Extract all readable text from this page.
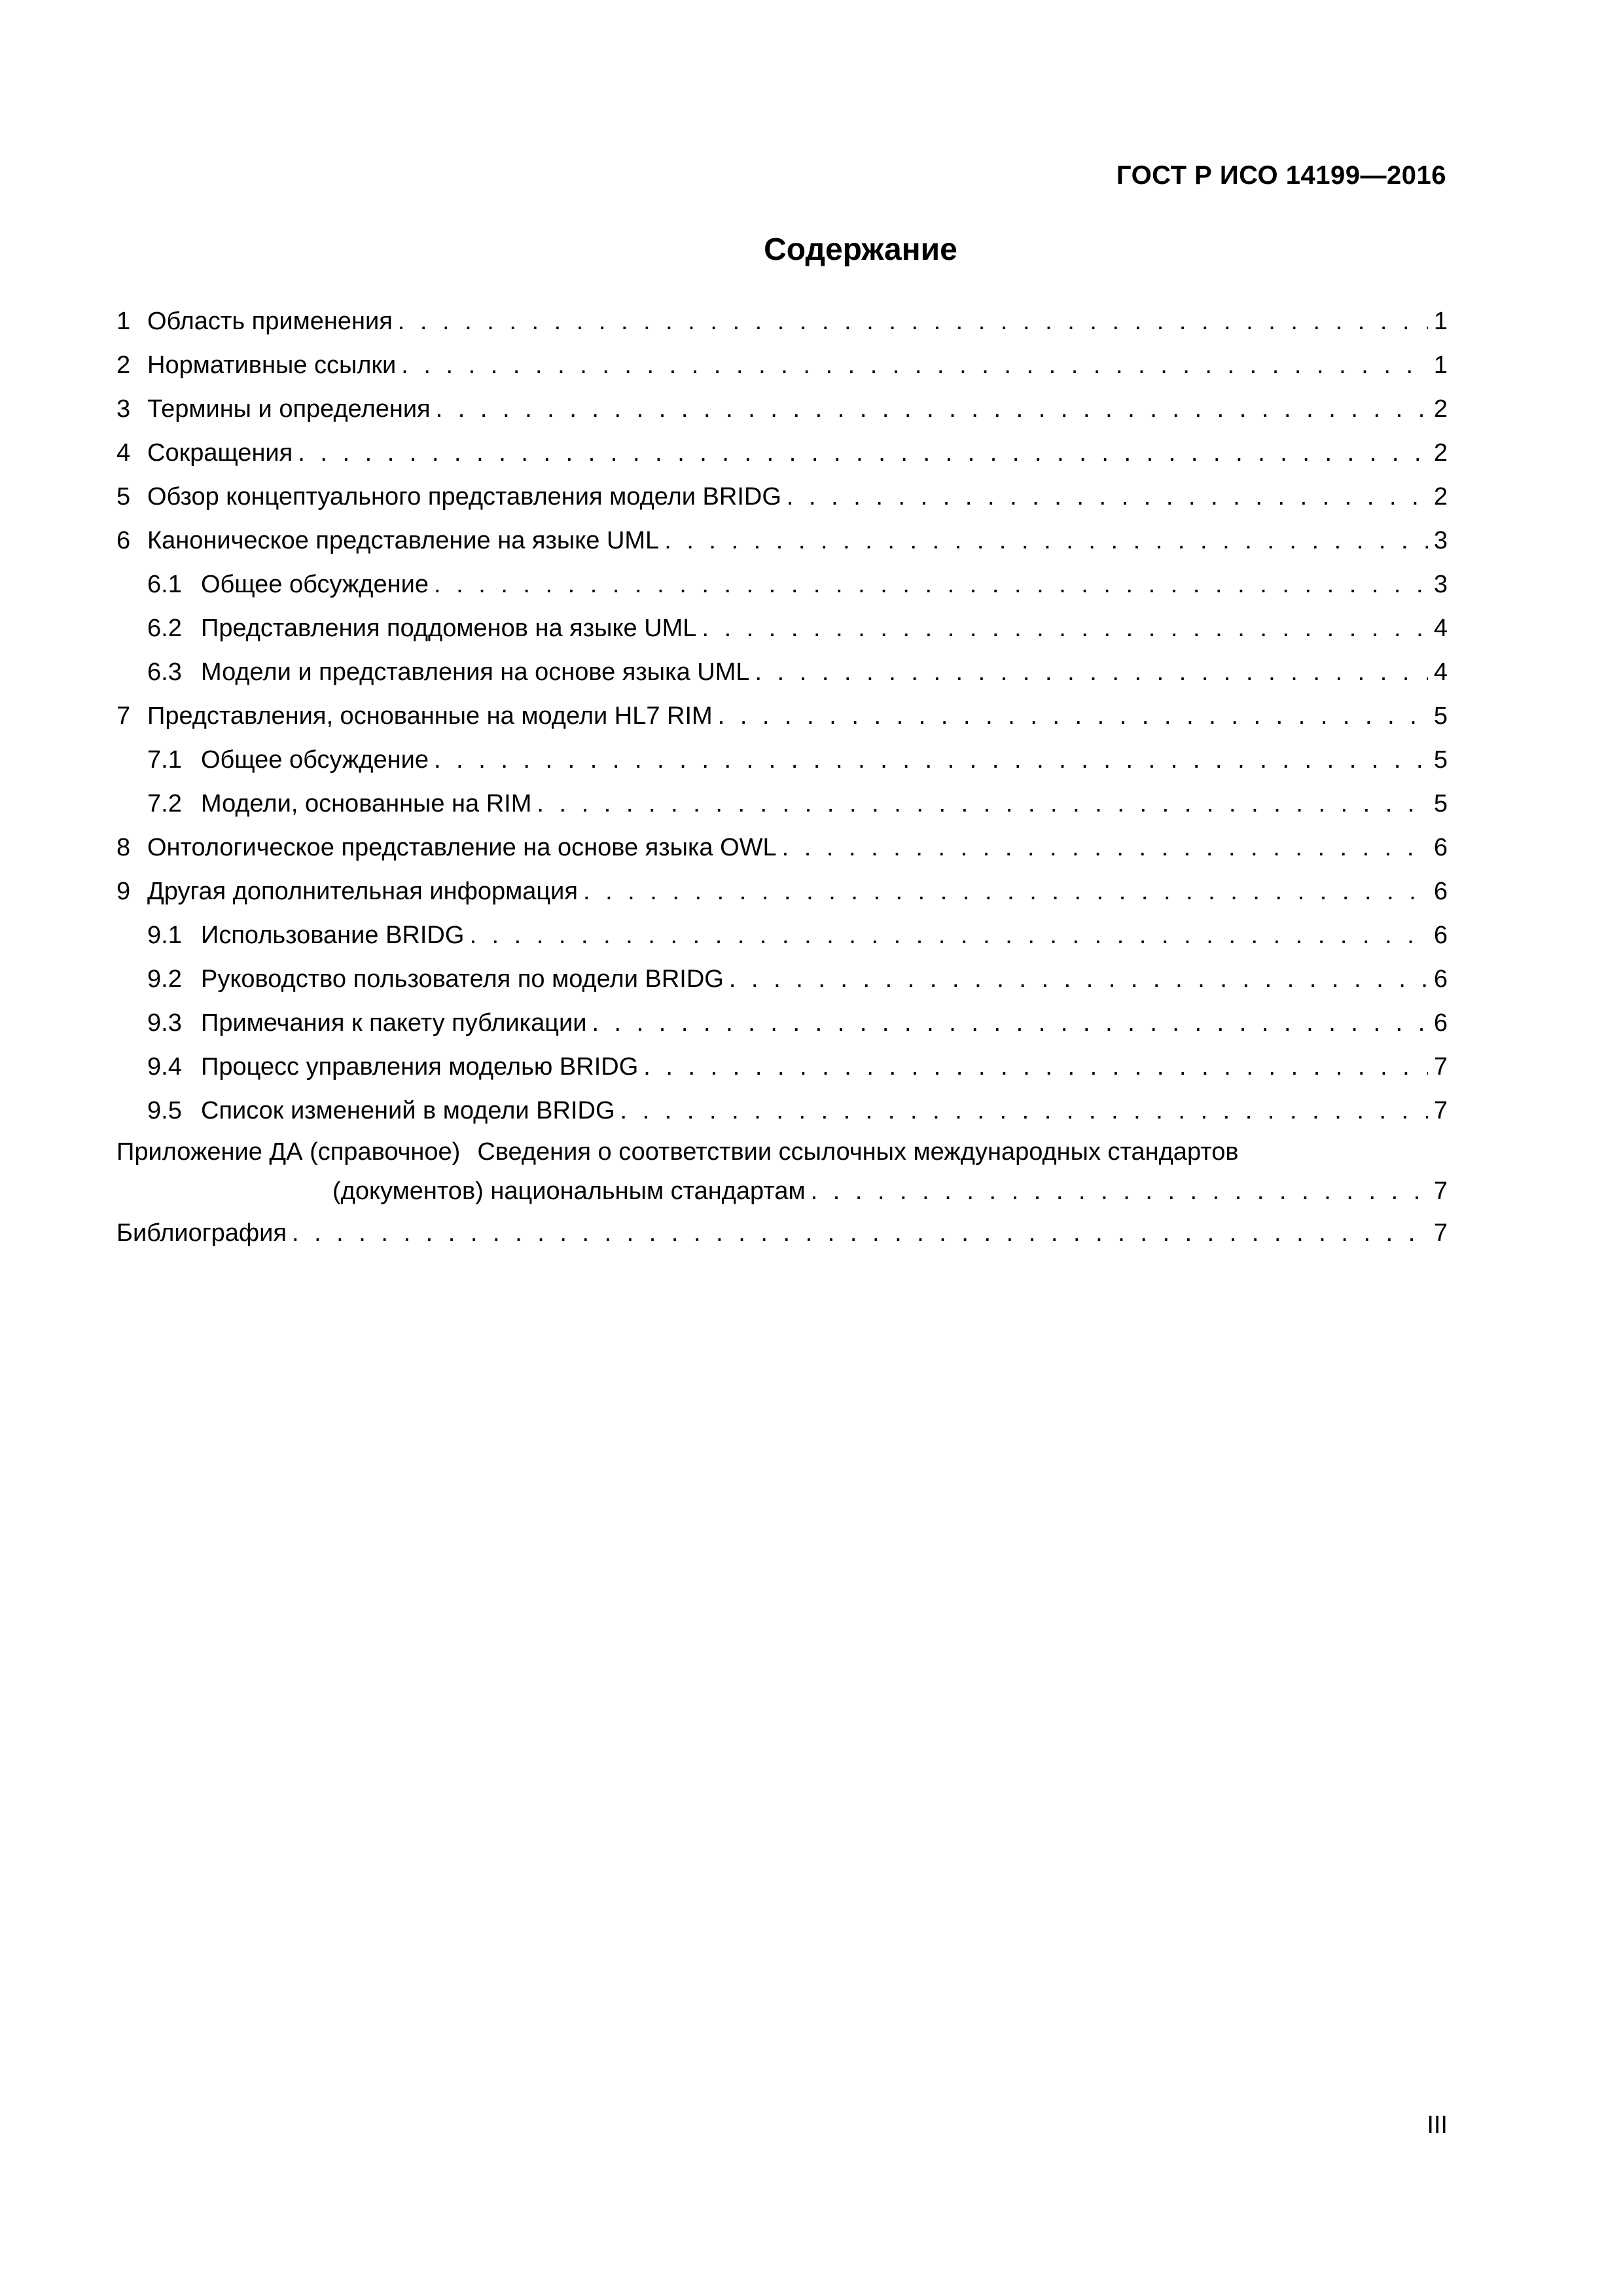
ГОСТ Р ИСО 14199—2016
Содержание
1 Область применения . . .	1
2 Нормативные ссылки . . .	1
3 Термины и определения . . .	2
4 Сокращения . . .	2
5 Обзор концептуального представления модели BRIDG . . .	2
6 Каноническое представление на языке UML . . .	3
6.1 Общее обсуждение . . .	3
6.2 Представления поддоменов на языке UML . . .	4
6.3 Модели и представления на основе языка UML . . .	4
7 Представления, основанные на модели HL7 RIM . . .	5
7.1 Общее обсуждение . . .	5
7.2 Модели, основанные на RIM . . .	5
8 Онтологическое представление на основе языка OWL . . .	6
9 Другая дополнительная информация . . .	6
9.1 Использование BRIDG . . .	6
9.2 Руководство пользователя по модели BRIDG . . .	6
9.3 Примечания к пакету публикации . . .	6
9.4 Процесс управления моделью BRIDG . . .	7
9.5 Список изменений в модели BRIDG . . .	7
Приложение ДА (справочное) Сведения о соответствии ссылочных международных стандартов
(документов) национальным стандартам . . .	7
Библиография . . .	7
III
